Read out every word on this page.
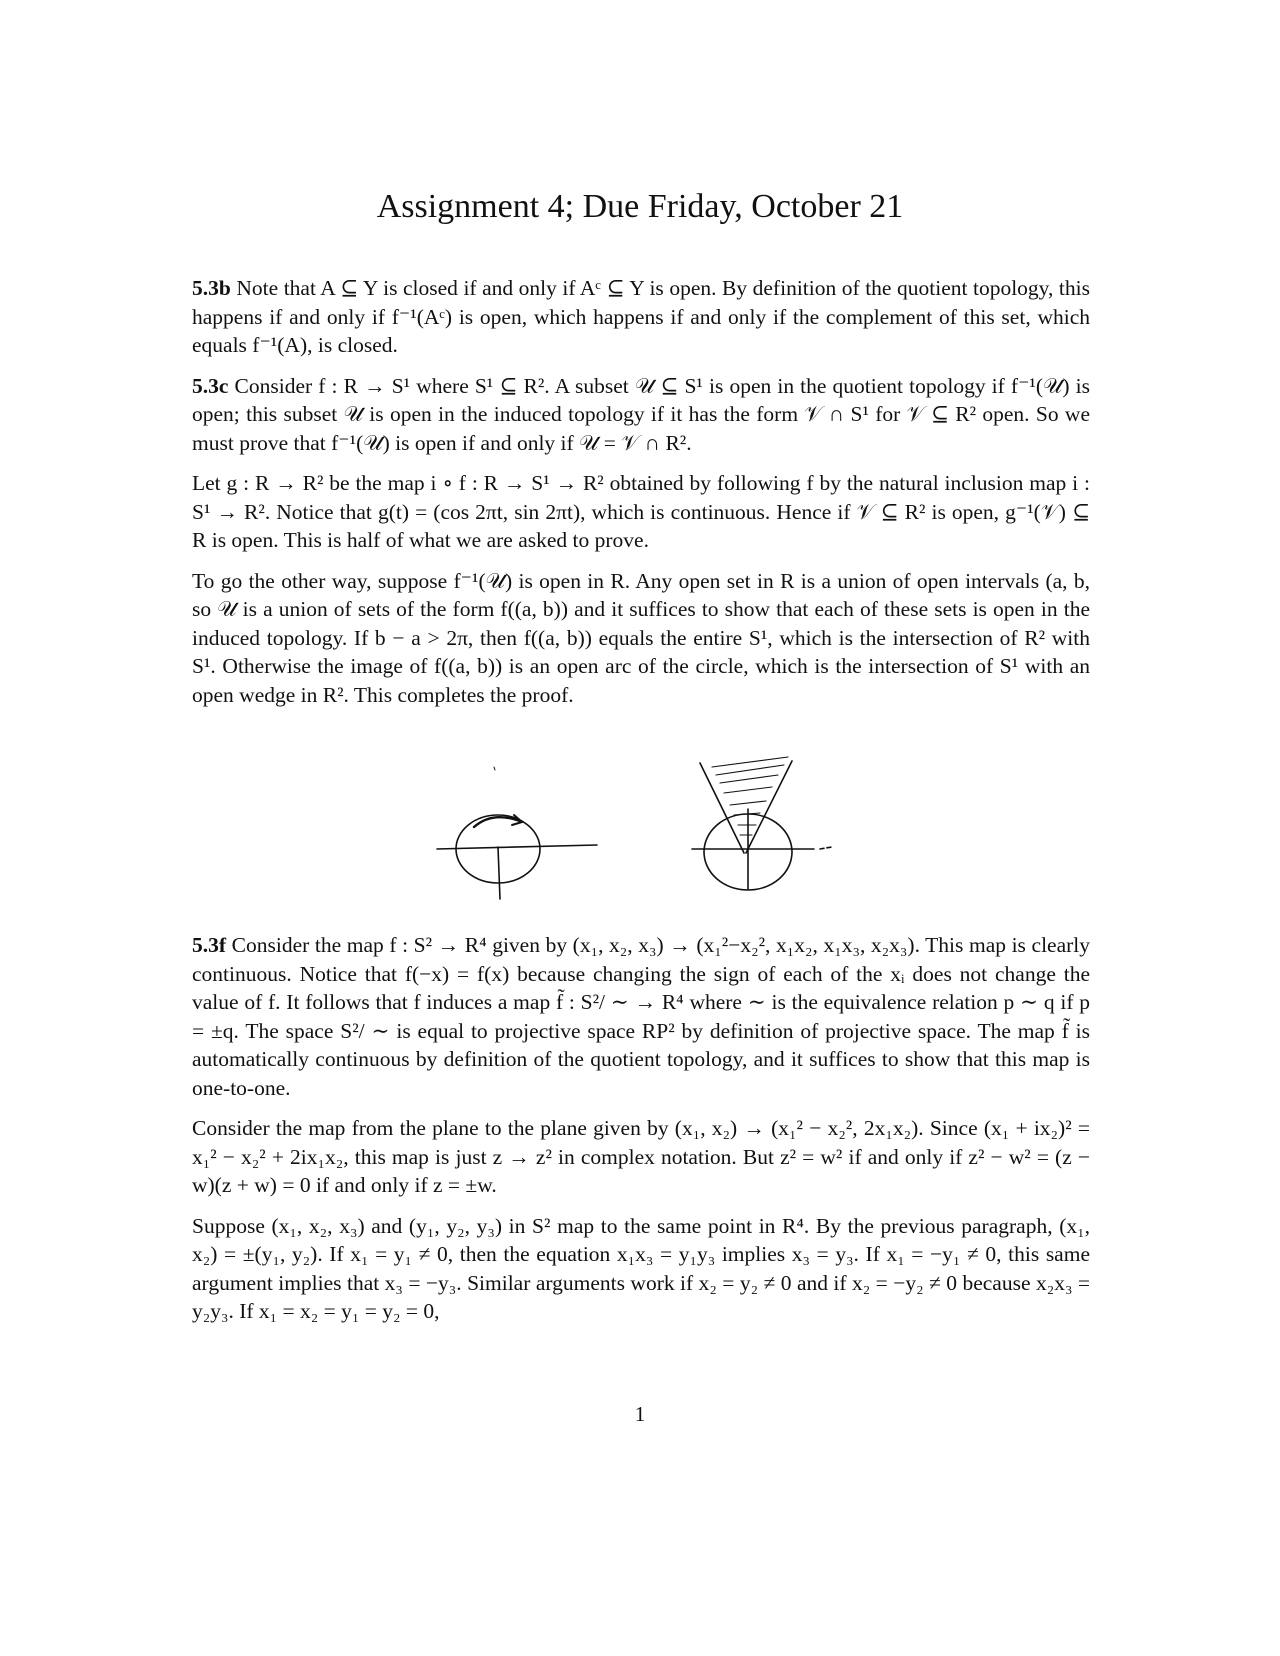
Assignment 4; Due Friday, October 21

5.3b Note that A ⊆ Y is closed if and only if Aᶜ ⊆ Y is open. By definition of the quotient topology, this happens if and only if f⁻¹(Aᶜ) is open, which happens if and only if the complement of this set, which equals f⁻¹(A), is closed.

5.3c Consider f : R → S¹ where S¹ ⊆ R². A subset 𝒰 ⊆ S¹ is open in the quotient topology if f⁻¹(𝒰) is open; this subset 𝒰 is open in the induced topology if it has the form 𝒱 ∩ S¹ for 𝒱 ⊆ R² open. So we must prove that f⁻¹(𝒰) is open if and only if 𝒰 = 𝒱 ∩ R².

Let g : R → R² be the map i ∘ f : R → S¹ → R² obtained by following f by the natural inclusion map i : S¹ → R². Notice that g(t) = (cos 2πt, sin 2πt), which is continuous. Hence if 𝒱 ⊆ R² is open, g⁻¹(𝒱) ⊆ R is open. This is half of what we are asked to prove.

To go the other way, suppose f⁻¹(𝒰) is open in R. Any open set in R is a union of open intervals (a, b, so 𝒰 is a union of sets of the form f((a, b)) and it suffices to show that each of these sets is open in the induced topology. If b − a > 2π, then f((a, b)) equals the entire S¹, which is the intersection of R² with S¹. Otherwise the image of f((a, b)) is an open arc of the circle, which is the intersection of S¹ with an open wedge in R². This completes the proof.

5.3f Consider the map f : S² → R⁴ given by (x₁, x₂, x₃) → (x₁²−x₂², x₁x₂, x₁x₃, x₂x₃). This map is clearly continuous. Notice that f(−x) = f(x) because changing the sign of each of the xᵢ does not change the value of f. It follows that f induces a map f̃ : S²/ ∼ → R⁴ where ∼ is the equivalence relation p ∼ q if p = ±q. The space S²/ ∼ is equal to projective space RP² by definition of projective space. The map f̃ is automatically continuous by definition of the quotient topology, and it suffices to show that this map is one-to-one.

Consider the map from the plane to the plane given by (x₁, x₂) → (x₁² − x₂², 2x₁x₂). Since (x₁ + ix₂)² = x₁² − x₂² + 2ix₁x₂, this map is just z → z² in complex notation. But z² = w² if and only if z² − w² = (z − w)(z + w) = 0 if and only if z = ±w.

Suppose (x₁, x₂, x₃) and (y₁, y₂, y₃) in S² map to the same point in R⁴. By the previous paragraph, (x₁, x₂) = ±(y₁, y₂). If x₁ = y₁ ≠ 0, then the equation x₁x₃ = y₁y₃ implies x₃ = y₃. If x₁ = −y₁ ≠ 0, this same argument implies that x₃ = −y₃. Similar arguments work if x₂ = y₂ ≠ 0 and if x₂ = −y₂ ≠ 0 because x₂x₃ = y₂y₃. If x₁ = x₂ = y₁ = y₂ = 0,

1
